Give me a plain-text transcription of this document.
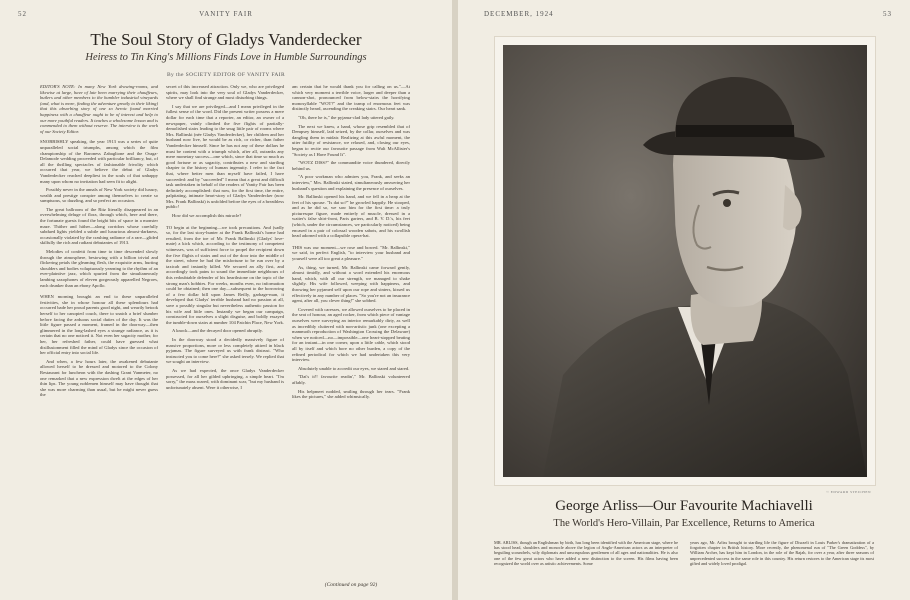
52	VANITY FAIR
The Soul Story of Gladys Vanderdecker
Heiress to Tin King's Millions Finds Love in Humble Surroundings
By the SOCIETY EDITOR OF VANITY FAIR

EDITOR'S NOTE: In many New York drawing-rooms, and likewise at large, have of late been marrying their chauffeurs, butlers and other members to the humbler industrial vineyards (and, what is more, finding the adventure greatly to their liking) that this absorbing story of one so heroic found married happiness with a chauffeur ought to be of interest and help to our more youthful readers. It teaches a wholesome lesson and is commended to them without reserve. The interview is the work of our Society Editor.

SNOBBISHLY speaking, the year 1913 was a series of quite unparalleled social triumphs, among which the film championship of the Baroness Zabaglione and the Oraga-Delamode wedding proceeded with particular brilliancy, but, of all the thrilling spectacles of fashionable frivolity which occurred that year, we believe the debut of Gladys Vanderdecker reached deepliest in the souls of that unhappy many upon whom no invitation had seen fit to alight.

Possibly never in the annals of New York society did luxury, wealth and prestige conspire among themselves to create so sumptuous, so dazzling, and so perfect an occasion.

The great ballroom of the Ritz literally disappeared in an overwhelming deluge of flora, through which, here and there, the fortunate guests found the bright bits of space in a monster maze. Thither and hither—along corridors whose carefully subdued lights yielded a subtle and luxurious almost-darkness, occasionally violated by the crashing radiance of a rare—glided skilfully the rich and radiant debutantes of 1913.

Melodies of confetti from time to time descended slowly through the atmosphere, bestowing with a billion trivial and flickering petals the gleaming flesh, the exquisite arms, hurting shoulders and bodies voluptuously yearning to the rhythm of an ever-plaintive jazz, which spurted from the simultaneously lambing saxophones of eleven gorgeously apparelled Negroes, each drunker than an ebony Apollo.

WHEN morning brought an end to these unparalleled festivities, she in whose honour all these splendours had occurred bade her proud parents good night, and wearily betook herself to her canopied couch, there to snatch a brief slumber before facing the arduous social duties of the day. It was the little figure passed a moment, framed in the doorway—then glimmered in the long-lashed eyes a strange radiance, as it is certain that no one noticed it. Not even her sagacity mother, for her, her refreshed father, could have guessed what disillusionment filled the mind of Gladys since the occasion of her official entry into social life.

And when, a few hours later, the awakened debutante allowed herself to be dressed and motored to the Colony Restaurant for luncheon with the dashing Grant Vanmeter, no one remarked that a new expression dwelt at the edges of her thin lips. The young noblemen himself may have thought that she was more charming than usual, but he might never guess the

secret of this increased attraction. Only we, who are privileged spirits, may look into the very soul of Gladys Vanderdecker, where we shall find strange and most disturbing things.

I say that we are privileged—and I mean privileged in the fullest sense of the word. Did the present writer possess a mere dollar for each time that a reporter, an editor, an owner of a newspaper, vainly climbed the five flights of partially-demolished stairs leading to the snug little pair of rooms where Mrs. Ballinski (née Gladys Vanderdecker), her children and her husband now live, he would be as rich, or richer, than father Vanderdecker himself. Since he has not any of these dollars he must be content with a triumph which, after all, outranks any mere monetary success—one which, since that time so much as good fortune or as sagacity, contributes a new and startling chapter to the history of human ingenuity. I refer to the fact that, where better men than myself have failed, I have succeeded: and by "succeeded" I mean that a great and difficult task undertaken in behalf of the readers of Vanity Fair has been definitely accomplished: that now, for the first time, the entire, palpitating, intimate heart-story of Gladys Vanderdecker (now Mrs. Frank Ballinski) is unfolded before the eyes of a breathless public!

How did we accomplish this miracle?

TO begin at the beginning—we took precautions. And (sadly so, for the last story-hunter at the Frank Ballinski's home had resulted, from the toe of Mr. Frank Ballinski (Gladys' love-mate) a kick which, according to the testimony of competent witnesses, was of sufficient force to propel the recipient down the five flights of stairs and out of the door into the middle of the street, where he had the misfortune to be run over by a taxicab and instantly killed. We secured an ally first, and accordingly took pains to sound the immediate neighbours of this redoubtable defender of his hearthstone on the topic of the strong man's hobbies. For weeks, months even, no information could be obtained; then one day—subsequent to the borrowing of a few dollar bill upon James Reilly, garbage-man, it developed that Gladys' terrible husband had no passion at all, save a possibly singular but nevertheless authentic passion for his wife and little ones. Instantly we began our campaign, constructed for ourselves a slight disguise, and boldly essayed the tumble-down stairs at number 104 Patchin Place, New York.

A knock—and the decayed door opened abruptly.

In the doorway stood a decidedly massively figure of massive proportions, more or less completely attired in black pyjamas. The figure surveyed us with frank distrust. "Who instructed you to come here?" she asked tersely. We replied that we sought an interview.

As we had expected, the once Gladys Vanderdecker possessed, for all her gilded upbringing, a simple heart. "I'm sorry," the mass roared, with dominant scar, "but my husband is unfortunately absent. Were it otherwise, I

am certain that he would thank you for calling on us."—At which very moment a terrible voice, larger and deeper than a cannon-shot, pronounced from below-stairs the horrifying monosyllable "WOT?" and the tramp of enormous feet was distinctly heard, ascending the creaking stairs. Our heart sank.

"Oh, there he is," the pyjama-clad lady uttered gaily.

The next we knew, a hand, whose grip resembled that of Dempsey himself, laid seized, by the collar, ourselves and was dangling them in midair. Realizing at this awful moment, the utter futility of resistance, we relaxed, and, closing our eyes, began to recite our favourite passage from Walt McAllister's "Society as I Have Found It".

"WOTZ DISS?" the commandite voice thundered, directly behind us.

"A poor workman who admires you, Frank, and seeks an interview," Mrs. Ballinski stated, simultaneously answering her husband's question and explaining the presence of ourselves.

Mr. Ballinski opened his hand, and we fell in a heap at the feet of his spouse. "Is dat so?" he growled happily. He stooped, and as he did so, we saw him for the first time: a truly picturesque figure, made entirely of muscle, dressed in a waiter's false shirt-front, Paris garters, and B. V. D.'s, his feet (which, under the circumstances, we particularly noticed) being encased in a pair of colossal wooden sabots, and his swollish head adorned with a collapsible opera-hat.

THIS was our moment—we rose and bowed. "Mr. Ballinski," we said, in perfect English, "to interview your husband and yourself were all too great a pleasure."

As, thing, we turned, Mr. Ballinski came forward gently, almost timidly, and without a word extended his enormous hand, which, with all our strength, we managed to shake slightly. His wife followed, weeping with happiness, and throwing her pyjamed self upon our rope and sinters, kissed us effectively in any number of places. "So you're not an insurance agent, after all, you clever thing!" she sobbed.

Covered with caresses, we allowed ourselves to be placed in the seat of honour, an aged rocker, from which piece of vantage ourselves were surveying an interior remarkably dirty, as well as incredibly cluttered with non-artistic junk (one excepting a mammoth reproduction of Washington Crossing the Delaware) when we noticed—no—impossible—one heart-stopped beating for an instant—in one corner, upon a little cable, which stood all by itself and which bore no other burden, a copy of the refined periodical for which we had undertaken this very interview.

Absolutely unable to accredit our eyes, we stared and stared.

"Dat's it!! favourite readin'," Mr. Ballinski volunteered affably.

His helpmeet nodded, smiling through her tears. "Frank likes the pictures," she added whimsically.

(Continued on page 92)
DECEMBER, 1924	53
© EDWARD STEICHEN
George Arliss—Our Favourite Machiavelli
The World's Hero-Villain, Par Excellence, Returns to America

MR. ARLISS, though an Englishman by birth, has long been identified with the American stage, where he has stood head, shoulders and monocle above the legion of Anglo-American actors as an interpreter of beguiling scoundrels, wily diplomats and unscrupulous gentlemen of all ages and nationalities. He is also one of the few great actors who have added a new distinction to the screen. His films having been recognized the world over as artistic achievements. Some

years ago, Mr. Arliss brought to startling life the figure of Disraeli in Louis Parker's dramatization of a forgotten chapter in British history. More recently, the phenomenal run of "The Green Goddess", by William Archer, has kept him in London, in the role of the Rajah, for over a year, after three seasons of unprecedented success in the same role in this country. His return restores to the American stage its most gifted and widely loved prodigal.
